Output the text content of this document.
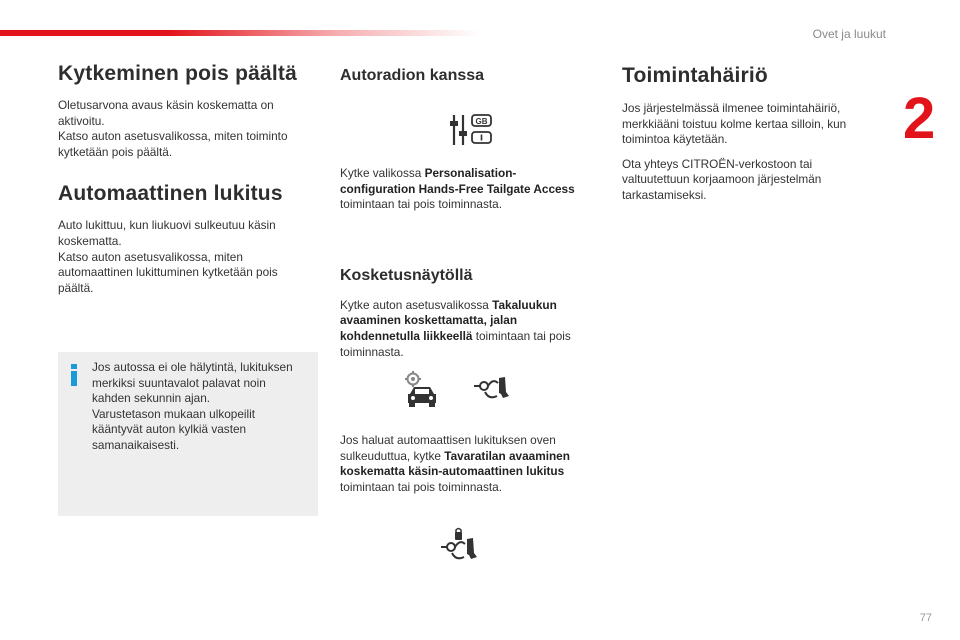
Ovet ja luukut
2
Kytkeminen pois päältä

Oletusarvona avaus käsin koskematta on
aktivoitu.
Katso auton asetusvalikossa, miten toiminto
kytketään pois päältä.

Automaattinen lukitus

Auto lukittuu, kun liukuovi sulkeutuu käsin
koskematta.
Katso auton asetusvalikossa, miten
automaattinen lukittuminen kytketään pois
päältä.

Jos autossa ei ole hälytintä, lukituksen
merkiksi suuntavalot palavat noin
kahden sekunnin ajan.
Varustetason mukaan ulkopeilit
kääntyvät auton kylkiä vasten
samanaikaisesti.

Autoradion kanssa
GB

Kytke valikossa Personalisation-
configuration Hands-Free Tailgate Access
toimintaan tai pois toiminnasta.

Kosketusnäytöllä

Kytke auton asetusvalikossa Takaluukun
avaaminen koskettamatta, jalan
kohdennetulla liikkeellä toimintaan tai pois
toiminnasta.

Jos haluat automaattisen lukituksen oven
sulkeuduttua, kytke Tavaratilan avaaminen
koskematta käsin-automaattinen lukitus
toimintaan tai pois toiminnasta.

Toimintahäiriö

Jos järjestelmässä ilmenee toimintahäiriö,
merkkiääni toistuu kolme kertaa silloin, kun
toimintoa käytetään.

Ota yhteys CITROËN-verkostoon tai
valtuutettuun korjaamoon järjestelmän
tarkastamiseksi.

77
